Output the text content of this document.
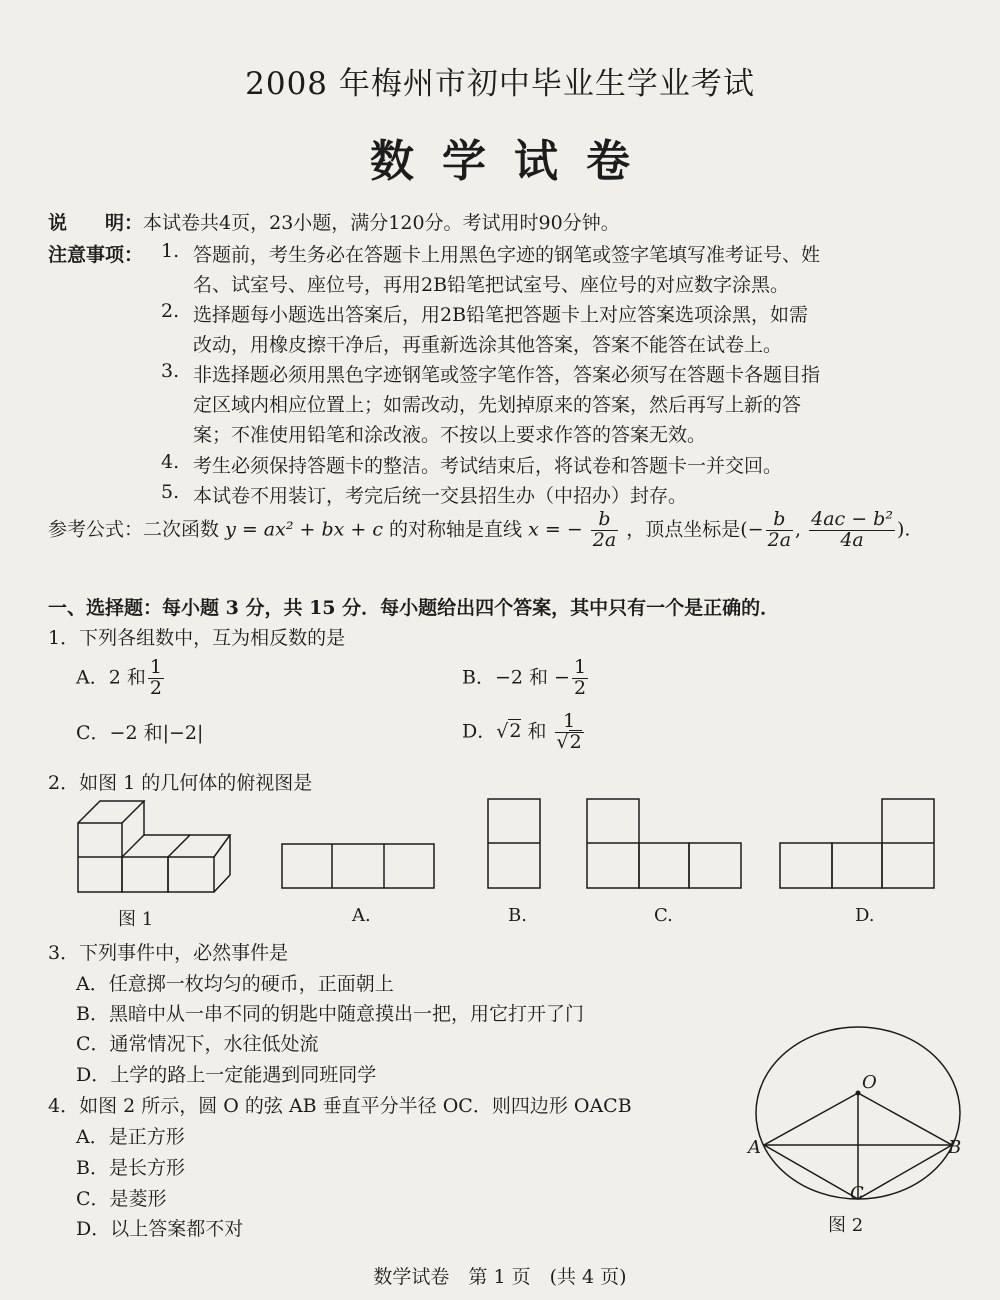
2008 年梅州市初中毕业生学业考试
数学试卷
说　　明：本试卷共4页，23小题，满分120分。考试用时90分钟。
注意事项： 1. 答题前，考生务必在答题卡上用黑色字迹的钢笔或签字笔填写准考证号、姓
名、试室号、座位号，再用2B铅笔把试室号、座位号的对应数字涂黑。
2. 选择题每小题选出答案后，用2B铅笔把答题卡上对应答案选项涂黑，如需
改动，用橡皮擦干净后，再重新选涂其他答案，答案不能答在试卷上。
3. 非选择题必须用黑色字迹钢笔或签字笔作答，答案必须写在答题卡各题目指
定区域内相应位置上；如需改动，先划掉原来的答案，然后再写上新的答
案；不准使用铅笔和涂改液。不按以上要求作答的答案无效。
4. 考生必须保持答题卡的整洁。考试结束后，将试卷和答题卡一并交回。
5. 本试卷不用装订，考完后统一交县招生办（中招办）封存。
参考公式：二次函数 y = ax² + bx + c 的对称轴是直线 x = − $\frac{b}{2a}$ ，顶点坐标是(− $\frac{b}{2a}$ , $\frac{\text{4ac − b²}}{4a}$ ).
一、选择题：每小题 3 分，共 15 分．每小题给出四个答案，其中只有一个是正确的．
1．下列各组数中，互为相反数的是
A．2 和 $\frac{1}{2}$	B．−2 和 − $\frac{1}{2}$
C．−2 和|−2|	D．√2 和 $\frac{1}{√2}$
2．如图 1 的几何体的俯视图是
图 1	A.	B.	C.	D.
3．下列事件中，必然事件是
A．任意掷一枚均匀的硬币，正面朝上
B．黑暗中从一串不同的钥匙中随意摸出一把，用它打开了门
C．通常情况下，水往低处流
D．上学的路上一定能遇到同班同学
4．如图 2 所示，圆 O 的弦 AB 垂直平分半径 OC．则四边形 OACB
A．是正方形
B．是长方形
C．是菱形
D．以上答案都不对
O
A	B
C
图 2
数学试卷　第 1 页　(共 4 页)
